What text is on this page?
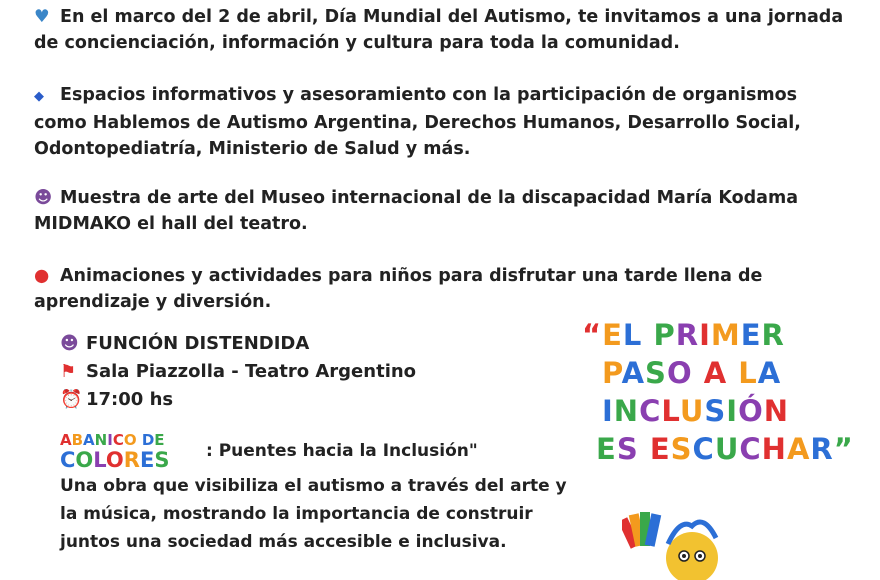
♥ En el marco del 2 de abril, Día Mundial del Autismo, te invitamos a una jornada de concienciación, información y cultura para toda la comunidad.
◆ Espacios informativos y asesoramiento con la participación de organismos como Hablemos de Autismo Argentina, Derechos Humanos, Desarrollo Social, Odontopediatría, Ministerio de Salud y más.
☻ Muestra de arte del Museo internacional de la discapacidad María Kodama MIDMAKO el hall del teatro.
● Animaciones y actividades para niños para disfrutar una tarde llena de aprendizaje y diversión.
☻ FUNCIÓN DISTENDIDA
⚑ Sala Piazzolla - Teatro Argentino
⏰ 17:00 hs
ABANICO DE
COLORES	: Puentes hacia la Inclusión"
Una obra que visibiliza el autismo a través del arte y la música, mostrando la importancia de construir juntos una sociedad más accesible e inclusiva.
“EL PRIMER
PASO A LA
INCLUSIÓN
ES ESCUCHAR”
